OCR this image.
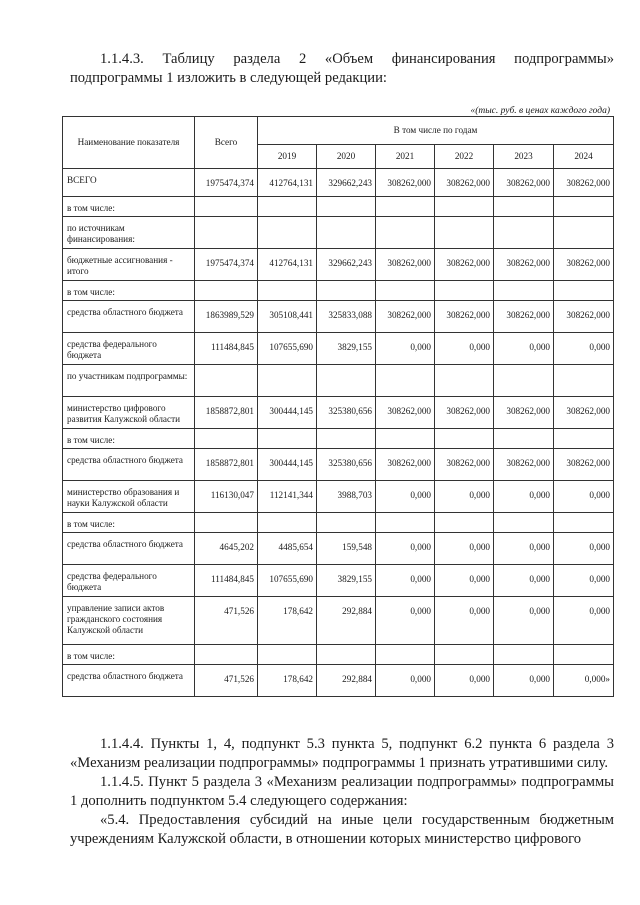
1.1.4.3. Таблицу раздела 2 «Объем финансирования подпрограммы» подпрограммы 1 изложить в следующей редакции:
«(тыс. руб. в ценах каждого года)
Наименование показателя	Всего	В том числе по годам					
		2019	2020	2021	2022	2023	2024
ВСЕГО	1975474,374	412764,131	329662,243	308262,000	308262,000	308262,000	308262,000
в том числе:							
по источникам финансирования:							
бюджетные ассигнования - итого	1975474,374	412764,131	329662,243	308262,000	308262,000	308262,000	308262,000
в том числе:							
средства областного бюджета	1863989,529	305108,441	325833,088	308262,000	308262,000	308262,000	308262,000
средства федерального бюджета	111484,845	107655,690	3829,155	0,000	0,000	0,000	0,000
по участникам подпрограммы:							
министерство цифрового развития Калужской области	1858872,801	300444,145	325380,656	308262,000	308262,000	308262,000	308262,000
в том числе:							
средства областного бюджета	1858872,801	300444,145	325380,656	308262,000	308262,000	308262,000	308262,000
министерство образования и науки Калужской области	116130,047	112141,344	3988,703	0,000	0,000	0,000	0,000
в том числе:							
средства областного бюджета	4645,202	4485,654	159,548	0,000	0,000	0,000	0,000
средства федерального бюджета	111484,845	107655,690	3829,155	0,000	0,000	0,000	0,000
управление записи актов гражданского состояния Калужской области	471,526	178,642	292,884	0,000	0,000	0,000	0,000
в том числе:							
средства областного бюджета	471,526	178,642	292,884	0,000	0,000	0,000	0,000»
1.1.4.4. Пункты 1, 4, подпункт 5.3 пункта 5, подпункт 6.2 пункта 6 раздела 3 «Механизм реализации подпрограммы» подпрограммы 1 признать утратившими силу.
1.1.4.5. Пункт 5 раздела 3 «Механизм реализации подпрограммы» подпрограммы 1 дополнить подпунктом 5.4 следующего содержания:
«5.4. Предоставления субсидий на иные цели государственным бюджетным учреждениям Калужской области, в отношении которых министерство цифрового
